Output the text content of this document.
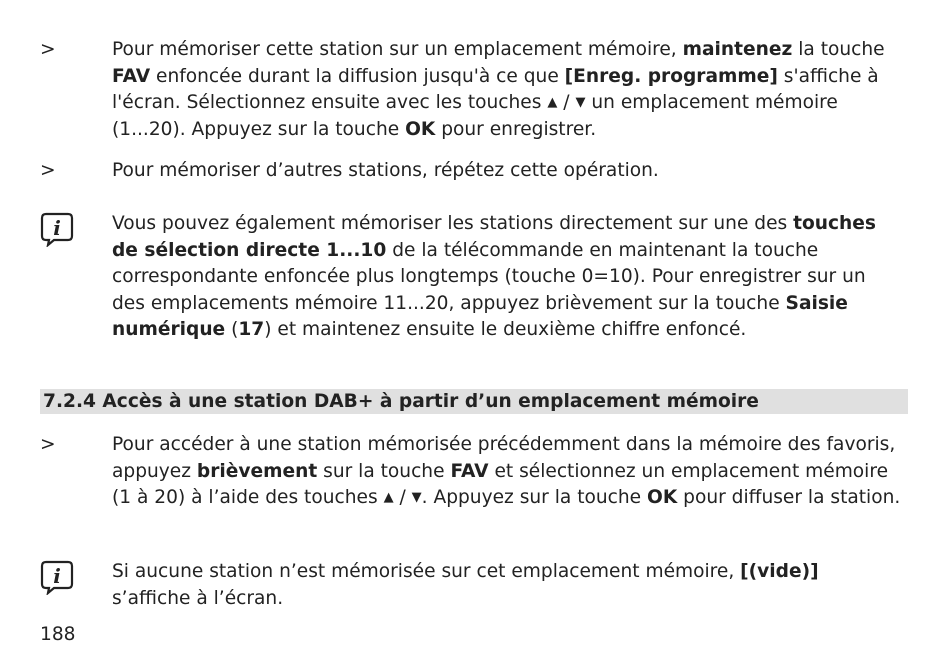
>	Pour mémoriser cette station sur un emplacement mémoire, maintenez la touche FAV enfoncée durant la diffusion jusqu'à ce que [Enreg. programme] s'affiche à l'écran. Sélectionnez ensuite avec les touches ▲ / ▼ un emplacement mémoire (1...20). Appuyez sur la touche OK pour enregistrer.
>	Pour mémoriser d’autres stations, répétez cette opération.
i	Vous pouvez également mémoriser les stations directement sur une des touches de sélection directe 1...10 de la télécommande en maintenant la touche correspondante enfoncée plus longtemps (touche 0=10). Pour enregistrer sur un des emplacements mémoire 11...20, appuyez brièvement sur la touche Saisie numérique (17) et maintenez ensuite le deuxième chiffre enfoncé.
7.2.4 Accès à une station DAB+ à partir d’un emplacement mémoire
>	Pour accéder à une station mémorisée précédemment dans la mémoire des favoris, appuyez brièvement sur la touche FAV et sélectionnez un emplacement mémoire (1 à 20) à l’aide des touches ▲ / ▼. Appuyez sur la touche OK pour diffuser la station.
i	Si aucune station n’est mémorisée sur cet emplacement mémoire, [(vide)] s’affiche à l’écran.
188
